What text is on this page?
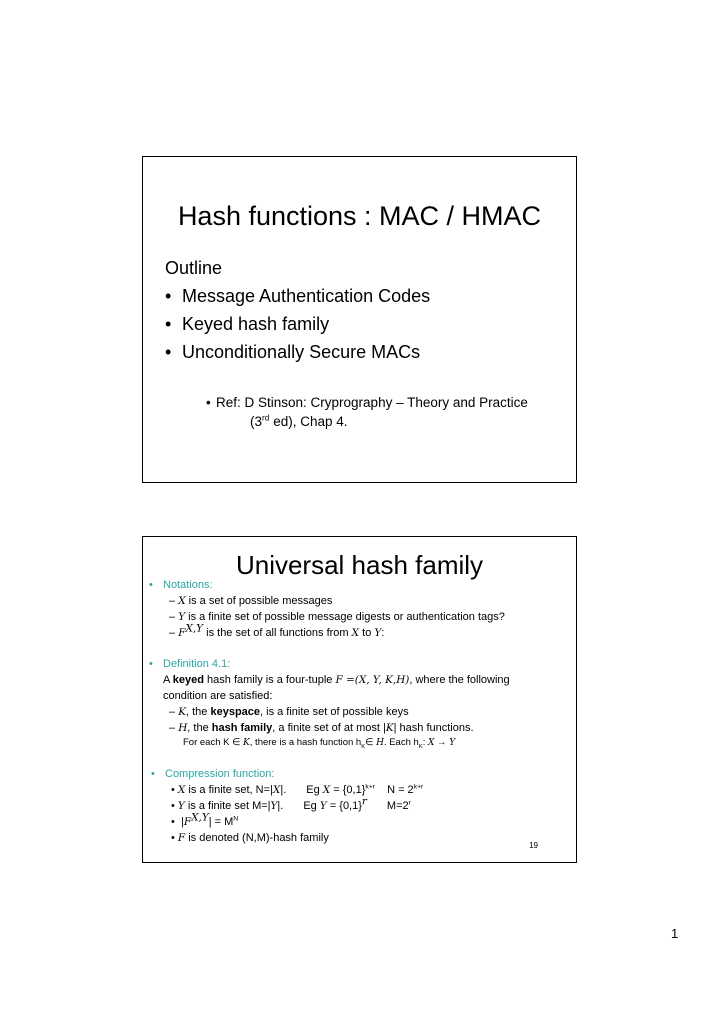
Hash functions : MAC / HMAC
Outline
• Message Authentication Codes
• Keyed hash family
• Unconditionally Secure MACs
• Ref: D Stinson: Cryprography – Theory and Practice
(3rd ed), Chap 4.
Universal hash family
• Notations:
– X is a set of possible messages
– Y is a finite set of possible message digests or authentication tags?
– $F^{X,Y}$ is the set of all functions from X to Y:
• Definition 4.1:
A keyed hash family is a four-tuple F =(X, Y, K,H), where the following
condition are satisfied:
– K, the keyspace, is a finite set of possible keys
– H, the hash family, a finite set of at most |K| hash functions.
For each K ∈ K, there is a hash function $h_K\in$ H. Each $h_K$: X → Y
• Compression function:
• X is a finite set, N=|X|. Eg $X = \{0,1\}^{k+r}$ $N = 2^{k+r}$
• Y is a finite set M=|Y|. Eg $Y = \{0,1\}^r$ $M=2^r$
•  $|F^{X,Y}| = M^N$
• F is denoted (N,M)-hash family
19
1
